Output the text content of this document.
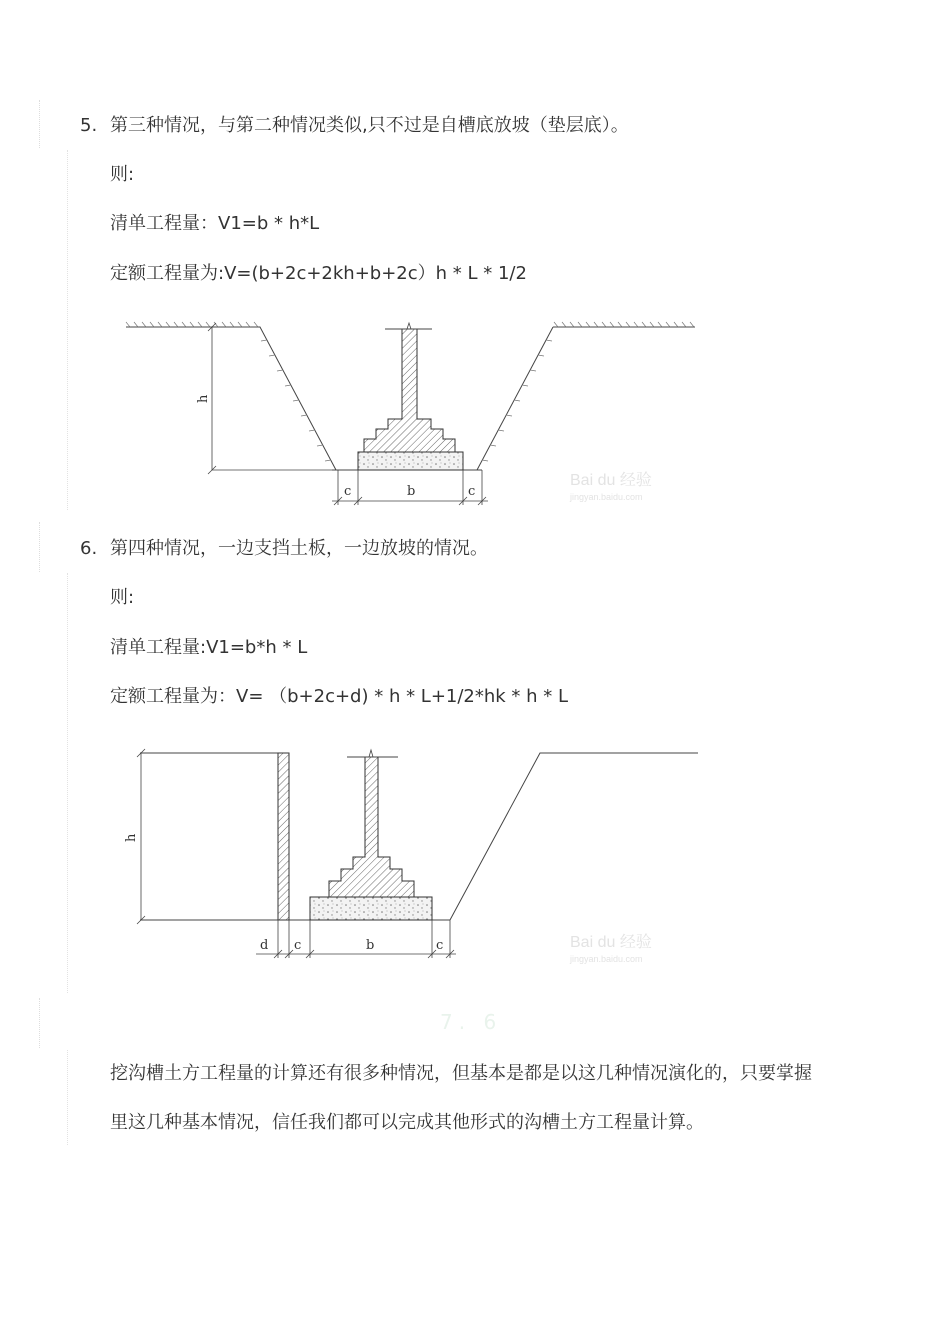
5. 第三种情况，与第二种情况类似,只不过是自槽底放坡（垫层底）。
则:
清单工程量：V1=b * h*L
定额工程量为:V=(b+2c+2kh+b+2c）h * L * 1/2
h
c	b	c
Bai du 经验
jingyan.baidu.com
6. 第四种情况，一边支挡土板，一边放坡的情况。
则:
清单工程量:V1=b*h * L
定额工程量为：V= （b+2c+d) * h * L+1/2*hk * h * L
h
d c	b	c	Bai du 经验
jingyan.baidu.com
7. 6
挖沟槽土方工程量的计算还有很多种情况，但基本是都是以这几种情况演化的，只要掌握
里这几种基本情况，信任我们都可以完成其他形式的沟槽土方工程量计算。
